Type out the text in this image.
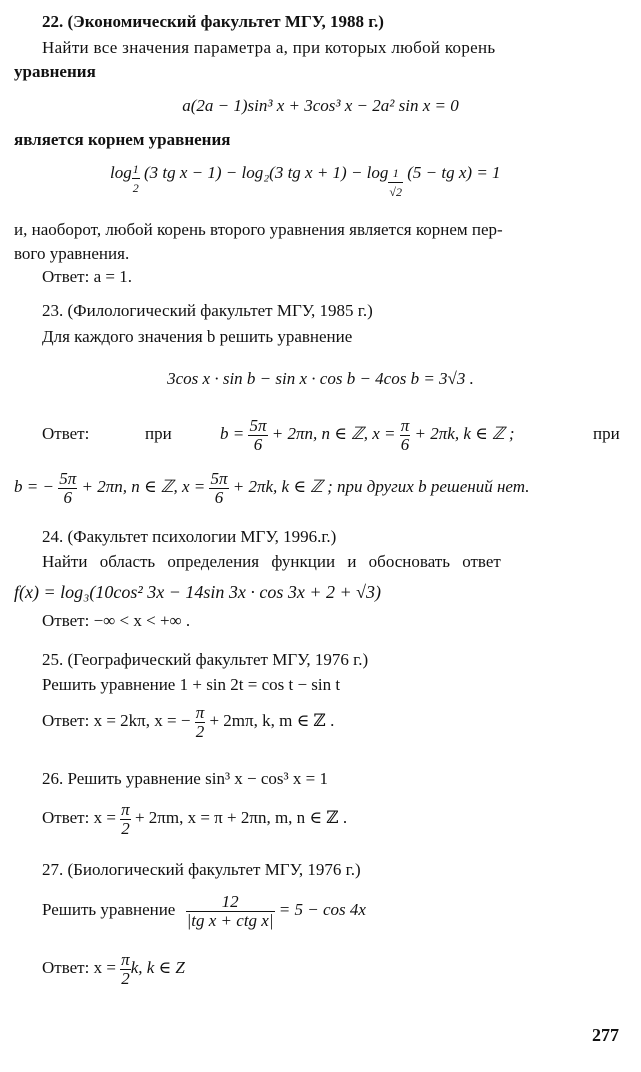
22. (Экономический факультет МГУ, 1988 г.)
Найти все значения параметра a, при которых любой корень
уравнения
a(2a − 1)sin³ x + 3cos³ x − 2a² sin x = 0
является корнем уравнения
$\log \frac{1}{2} (3$ tg x − 1) − log₂(3 tg $x + 1) - \log \frac{1}{√2} (5$ − tg x) = 1
и, наоборот, любой корень второго уравнения является корнем пер-
вого уравнения.
Ответ: a = 1.
23. (Филологический факультет МГУ, 1985 г.)
Для каждого значения b решить уравнение
3cos x · sin b − sin x · cos b − 4cos b = 3√3 .
Ответ:	при	$b = \frac{5\pi}{6} + 2\pi n$, n ∈ ℤ, $x = \frac{\pi}{6} + 2\pi k$, k ∈ ℤ ;	при
b = − $\frac{5\pi}{6} + 2\pi n$, n ∈ ℤ, $x = \frac{5\pi}{6} + 2\pi k$, k ∈ ℤ ; при других b решений нет.
24. (Факультет психологии МГУ, 1996.г.)
Найти область определения функции и обосновать ответ
f(x) = log₃(10cos² 3x − 14sin 3x · cos 3x + 2 + √3)
Ответ: −∞ < x < +∞ .
25. (Географический факультет МГУ, 1976 г.)
Решить уравнение 1 + sin 2t = cos t − sin t
Ответ: x = 2kπ, x = − $\frac{\pi}{2} + 2m\pi$, k, m ∈ ℤ .
26. Решить уравнение sin³ x − cos³ x = 1
Ответ: $x = \frac{\pi}{2} + 2\pi m$, x = π + 2πn, m, n ∈ ℤ .
27. (Биологический факультет МГУ, 1976 г.)
Решить уравнение $\frac{12}{\text{|tg x + ctg x|}} = 5 - \cos 4x$
Ответ: $x = \frac{\pi}{2} k$, k ∈ Z
277
